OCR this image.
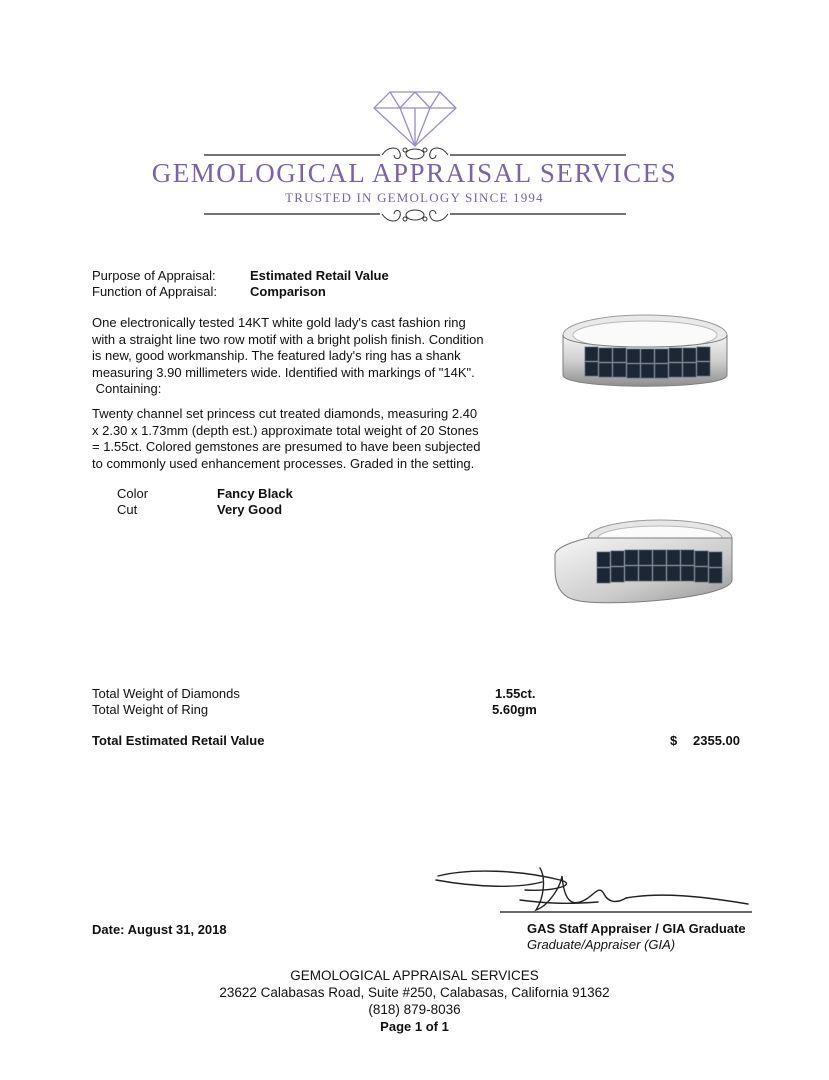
GEMOLOGICAL APPRAISAL SERVICES
TRUSTED IN GEMOLOGY SINCE 1994
Purpose of Appraisal:	Estimated Retail Value
Function of Appraisal:	Comparison
One electronically tested 14KT white gold lady's cast fashion ring
with a straight line two row motif with a bright polish finish. Condition
is new, good workmanship. The featured lady's ring has a shank
measuring 3.90 millimeters wide. Identified with markings of "14K".
Containing:
Twenty channel set princess cut treated diamonds, measuring 2.40
x 2.30 x 1.73mm (depth est.) approximate total weight of 20 Stones
= 1.55ct. Colored gemstones are presumed to have been subjected
to commonly used enhancement processes. Graded in the setting.
Color	Fancy Black
Cut	Very Good
Total Weight of Diamonds	1.55ct.
Total Weight of Ring	5.60gm
Total Estimated Retail Value	$ 2355.00
Date: August 31, 2018	GAS Staff Appraiser / GIA Graduate
Graduate/Appraiser (GIA)
GEMOLOGICAL APPRAISAL SERVICES
23622 Calabasas Road, Suite #250, Calabasas, California 91362
(818) 879-8036
Page 1 of 1
